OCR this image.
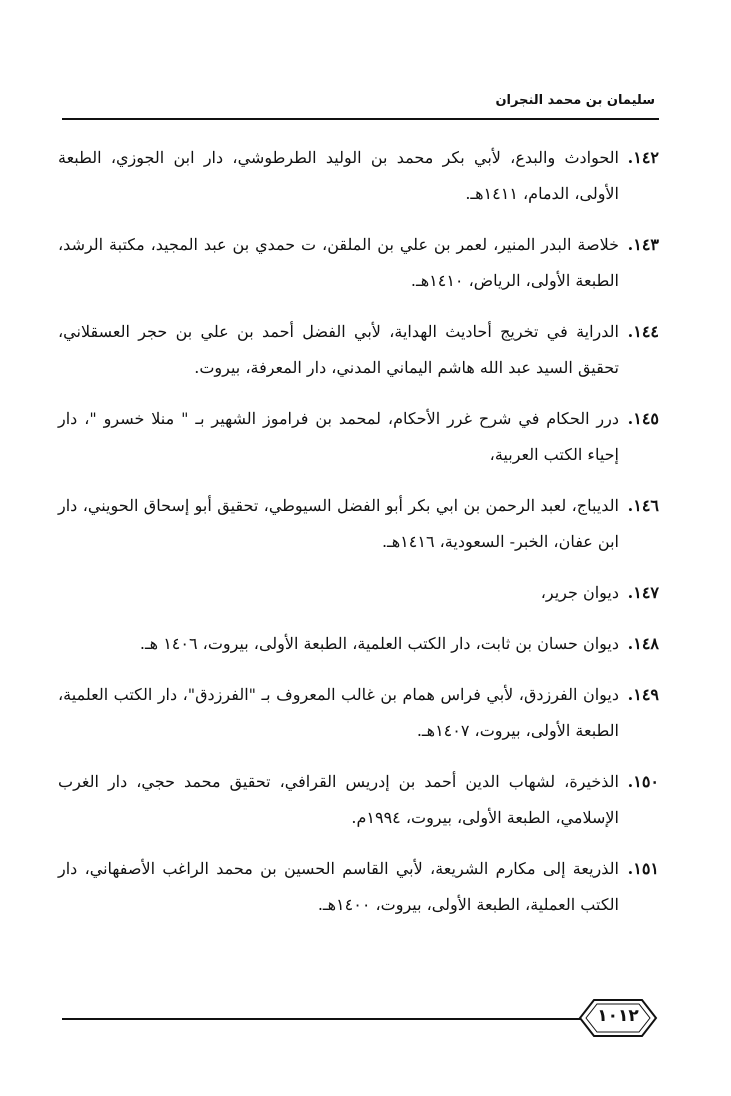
سليمان بن محمد النجران
١٤٢.
الحوادث والبدع، لأبي بكر محمد بن الوليد الطرطوشي، دار ابن الجوزي، الطبعة الأولى، الدمام، ١٤١١هـ.
١٤٣.
خلاصة البدر المنير، لعمر بن علي بن الملقن، ت حمدي بن عبد المجيد، مكتبة الرشد، الطبعة الأولى، الرياض، ١٤١٠هـ.
١٤٤.
الدراية في تخريج أحاديث الهداية، لأبي الفضل أحمد بن علي بن حجر العسقلاني، تحقيق السيد عبد الله هاشم اليماني المدني، دار المعرفة، بيروت.
١٤٥.
درر الحكام في شرح غرر الأحكام، لمحمد بن فراموز الشهير بـ " منلا خسرو "، دار إحياء الكتب العربية،
١٤٦.
الديباج، لعبد الرحمن بن ابي بكر أبو الفضل السيوطي، تحقيق أبو إسحاق الحويني، دار ابن عفان، الخبر- السعودية، ١٤١٦هـ.
١٤٧.
ديوان جرير،
١٤٨.
ديوان حسان بن ثابت، دار الكتب العلمية، الطبعة الأولى، بيروت، ١٤٠٦ هـ.
١٤٩.
ديوان الفرزدق، لأبي فراس همام بن غالب المعروف بـ "الفرزدق"، دار الكتب العلمية، الطبعة الأولى، بيروت، ١٤٠٧هـ.
١٥٠.
الذخيرة، لشهاب الدين أحمد بن إدريس القرافي، تحقيق محمد حجي، دار الغرب الإسلامي، الطبعة الأولى، بيروت، ١٩٩٤م.
١٥١.
الذريعة إلى مكارم الشريعة، لأبي القاسم الحسين بن محمد الراغب الأصفهاني، دار الكتب العملية، الطبعة الأولى، بيروت، ١٤٠٠هـ.
١٠١٢
